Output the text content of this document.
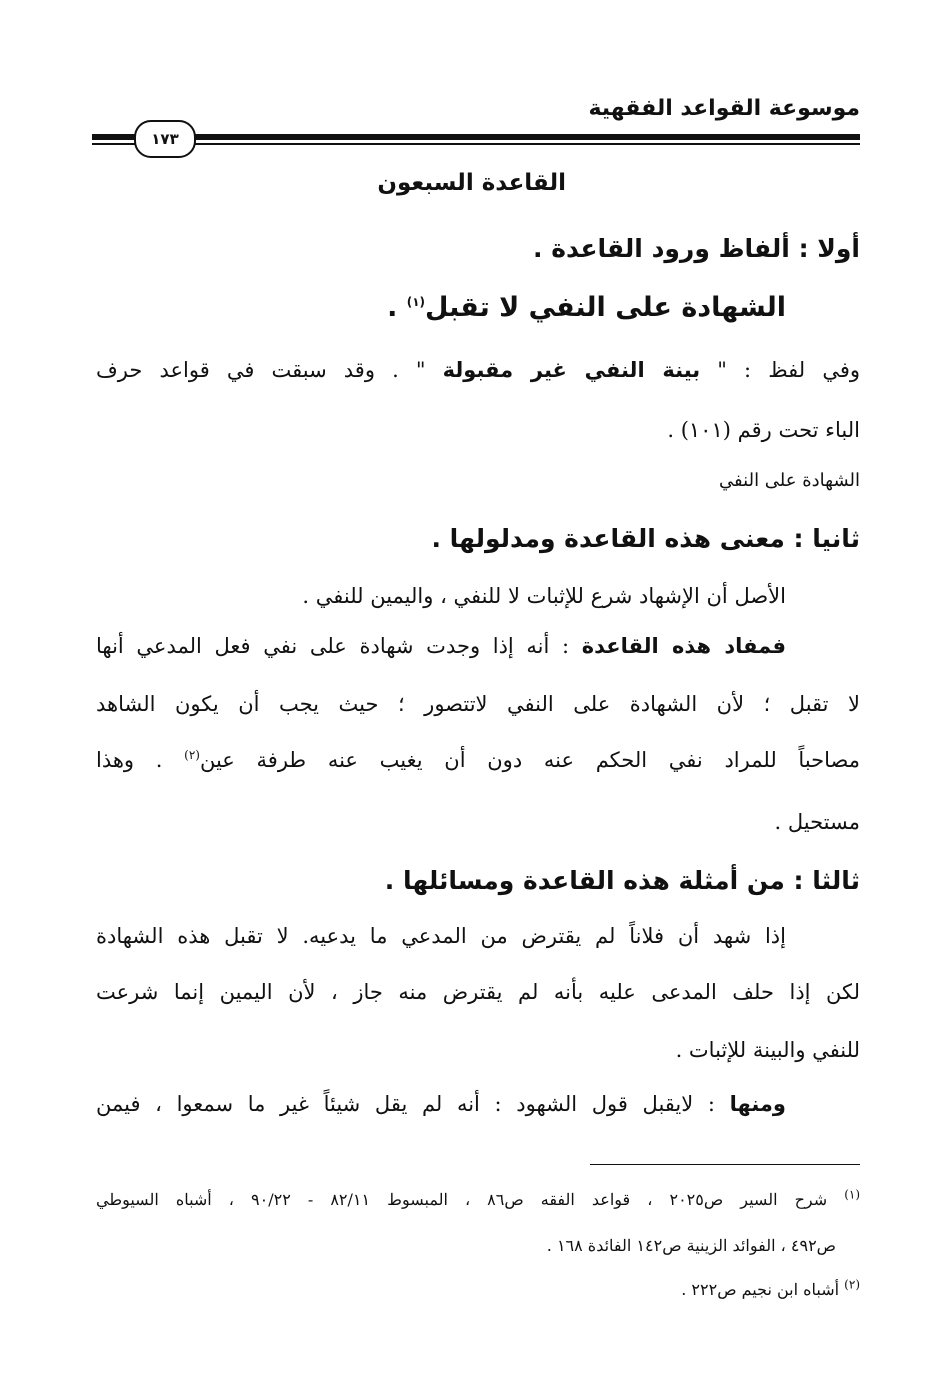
موسوعة القواعد الفقهية
١٧٣
القاعدة السبعون
أولا : ألفاظ ورود القاعدة .
الشهادة على النفي لا تقبل$^{(١)}$ .
وفي لفظ : " بينة النفي غير مقبولة " . وقد سبقت في قواعد حرف
الباء تحت رقم (١٠١) .
الشهادة على النفي
ثانيا : معنى هذه القاعدة ومدلولها .
الأصل أن الإشهاد شرع للإثبات لا للنفي ، واليمين للنفي .
فمفاد هذه القاعدة : أنه إذا وجدت شهادة على نفي فعل المدعي أنها
لا تقبل ؛ لأن الشهادة على النفي لاتتصور ؛ حيث يجب أن يكون الشاهد
مصاحباً للمراد نفي الحكم عنه دون أن يغيب عنه طرفة عين$^{(٢)}$ . وهذا
مستحيل .
ثالثا : من أمثلة هذه القاعدة ومسائلها .
إذا شهد أن فلاناً لم يقترض من المدعي ما يدعيه. لا تقبل هذه الشهادة
لكن إذا حلف المدعى عليه بأنه لم يقترض منه جاز ، لأن اليمين إنما شرعت
للنفي والبينة للإثبات .
ومنها : لايقبل قول الشهود : أنه لم يقل شيئاً غير ما سمعوا ، فيمن
$^{(١)}$ شرح السير ص٢٠٢٥ ، قواعد الفقه ص٨٦ ، المبسوط ٨٢/١١ - ٩٠/٢٢ ، أشباه السيوطي
ص٤٩٢ ، الفوائد الزينية ص١٤٢ الفائدة ١٦٨ .
$^{(٢)}$ أشباه ابن نجيم ص٢٢٢ .
